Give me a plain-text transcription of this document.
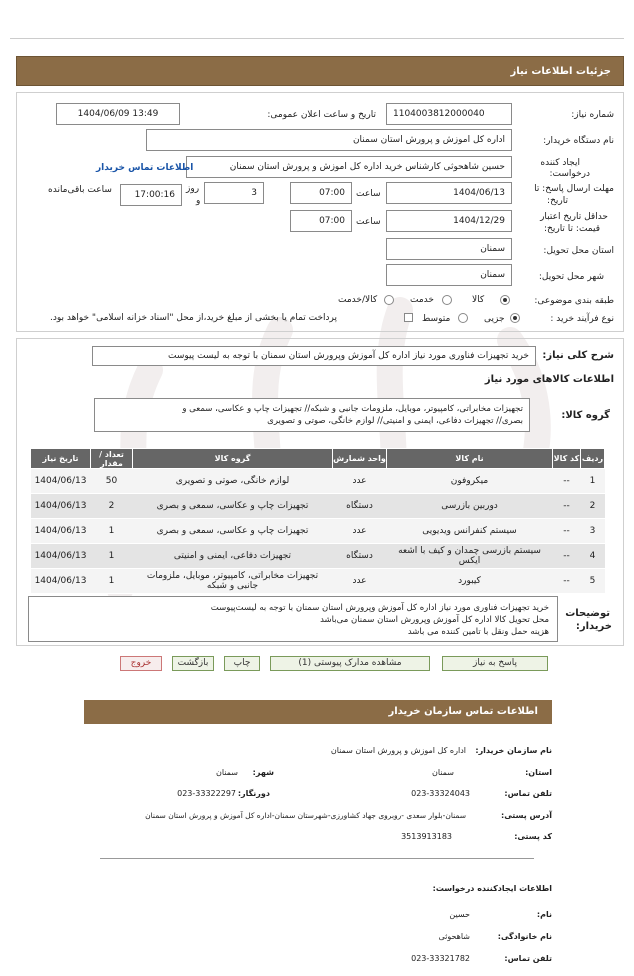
جزئیات اطلاعات نیاز
شماره نیاز:
1104003812000040
تاریخ و ساعت اعلان عمومی:
1404/06/09 13:49
نام دستگاه خریدار:
اداره کل اموزش و پرورش استان سمنان
ایجاد کننده
درخواست:
حسین شاهحوثی کارشناس خرید اداره کل اموزش و پرورش استان سمنان
اطلاعات تماس خریدار
مهلت ارسال پاسخ: تا
تاریخ:
1404/06/13
ساعت
07:00
3
روز
و
17:00:16
ساعت باقی‌مانده
حداقل تاریخ اعتبار
قیمت: تا تاریخ:
1404/12/29
ساعت
07:00
استان محل تحویل:
سمنان
شهر محل تحویل:
سمنان
طبقه بندی موضوعی:
کالا
خدمت
کالا/خدمت
نوع فرآیند خرید :
جزیی
متوسط
پرداخت تمام یا بخشی از مبلغ خرید،از محل "اسناد خزانه اسلامی" خواهد بود.
شرح کلی نیاز:
خرید تجهیزات فناوری مورد نیاز اداره کل آموزش وپرورش استان سمنان با توجه به لیست پیوست
اطلاعات کالاهای مورد نیاز
گروه کالا:
تجهیزات مخابراتی، کامپیوتر، موبایل، ملزومات جانبی و شبکه// تجهیزات چاپ و عکاسی، سمعی و
بصری// تجهیزات دفاعی، ایمنی و امنیتی// لوازم خانگی، صوتی و تصویری
تاریخ نیاز	تعداد / مقدار	گروه کالا	واحد شمارش	نام کالا	کد کالا	ردیف
1404/06/13	50	لوازم خانگی، صوتی و تصویری	عدد	میکروفون	--	1
1404/06/13	2	تجهیزات چاپ و عکاسی، سمعی و بصری	دستگاه	دوربین بازرسی	--	2
1404/06/13	1	تجهیزات چاپ و عکاسی، سمعی و بصری	عدد	سیستم کنفرانس ویدیویی	--	3
1404/06/13	1	تجهیزات دفاعی، ایمنی و امنیتی	دستگاه	سیستم بازرسی چمدان و کیف با اشعه ایکس	--	4
1404/06/13	1	تجهیزات مخابراتی، کامپیوتر، موبایل، ملزومات جانبی و شبکه	عدد	کیبورد	--	5
توضیحات
خریدار:
خرید تجهیزات فناوری مورد نیاز اداره کل آموزش وپرورش استان سمنان با توجه به لیست‌پیوست
محل تحویل کالا اداره کل آموزش وپرورش استان سمنان می‌باشد
هزینه حمل ونقل با تامین کننده می باشد
پاسخ به نیاز
مشاهده مدارک پیوستی (1)
چاپ
بازگشت
خروج
اطلاعات تماس سازمان خریدار
نام سازمان خریدار:
اداره کل اموزش و پرورش استان سمنان
استان:
سمنان
شهر:
سمنان
تلفن تماس:
023-33324043
دورنگار:
023-33322297
آدرس پستی:
سمنان-بلوار سعدی -روبروی جهاد کشاورزی-شهرستان سمنان-اداره کل آموزش و پرورش استان سمنان
کد پستی:
3513913183
اطلاعات ایجادکننده درخواست:
نام:
حسین
نام خانوادگی:
شاهحوثی
تلفن تماس:
023-33321782
